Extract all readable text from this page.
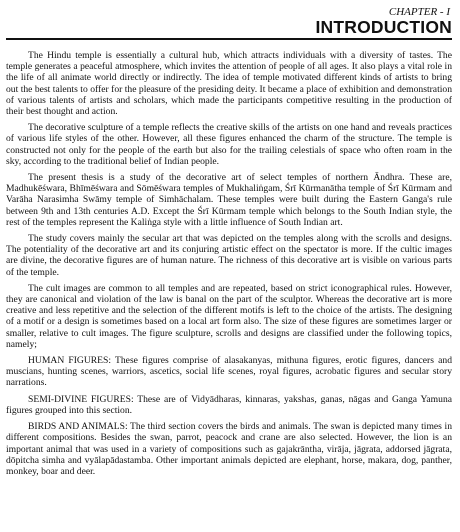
CHAPTER - I
INTRODUCTION

The Hindu temple is essentially a cultural hub, which attracts individuals with a diversity of tastes. The temple generates a peaceful atmosphere, which invites the attention of people of all ages. It also plays a vital role in the life of all animate world directly or indirectly. The idea of temple motivated different kinds of artists to bring out the best talents to offer for the pleasure of the presiding deity. It became a place of exhibition and demonstration of various talents of artists and scholars, which made the participants competitive resulting in the production of their best thought and action.

The decorative sculpture of a temple reflects the creative skills of the artists on one hand and reveals practices of various life styles of the other. However, all these figures enhanced the charm of the structure. The temple is constructed not only for the people of the earth but also for the trailing celestials of space who often roam in the sky, according to the traditional belief of Indian people.

The present thesis is a study of the decorative art of select temples of northern Āndhra. These are, Madhukēśwara, Bhīmēśwara and Sōmēśwara temples of Mukhaliṅgam, Śrī Kūrmanātha temple of Śrī Kūrmam and Varāha Narasimha Swāmy temple of Simhāchalam. These temples were built during the Eastern Ganga's rule between 9th and 13th centuries A.D. Except the Śrī Kūrmam temple which belongs to the South Indian style, the rest of the temples represent the Kaliṅga style with a little influence of South Indian art.

The study covers mainly the secular art that was depicted on the temples along with the scrolls and designs. The potentiality of the decorative art and its conjuring artistic effect on the spectator is more. If the cultic images are divine, the decorative figures are of human nature. The richness of this decorative art is visible on various parts of the temple.

The cult images are common to all temples and are repeated, based on strict iconographical rules. However, they are canonical and violation of the law is banal on the part of the sculptor. Whereas the decorative art is more creative and less repetitive and the selection of the different motifs is left to the choice of the artists. The designing of a motif or a design is sometimes based on a local art form also. The size of these figures are sometimes larger or smaller, relative to cult images. The figure sculpture, scrolls and designs are classified under the following topics, namely;

HUMAN FIGURES: These figures comprise of alasakanyas, mithuna figures, erotic figures, dancers and muscians, hunting scenes, warriors, ascetics, social life scenes, royal figures, acrobatic figures and secular story narrations.

SEMI-DIVINE FIGURES: These are of Vidyādharas, kinnaras, yakshas, ganas, nāgas and Ganga Yamuna figures grouped into this section.

BIRDS AND ANIMALS: The third section covers the birds and animals. The swan is depicted many times in different compositions. Besides the swan, parrot, peacock and crane are also selected. However, the lion is an important animal that was used in a variety of compositions such as gajakrāntha, virāja, jāgrata, addorsed jāgrata, dōpitcha simha and vyālapādastamba. Other important animals depicted are elephant, horse, makara, dog, panther, monkey, boar and deer.
